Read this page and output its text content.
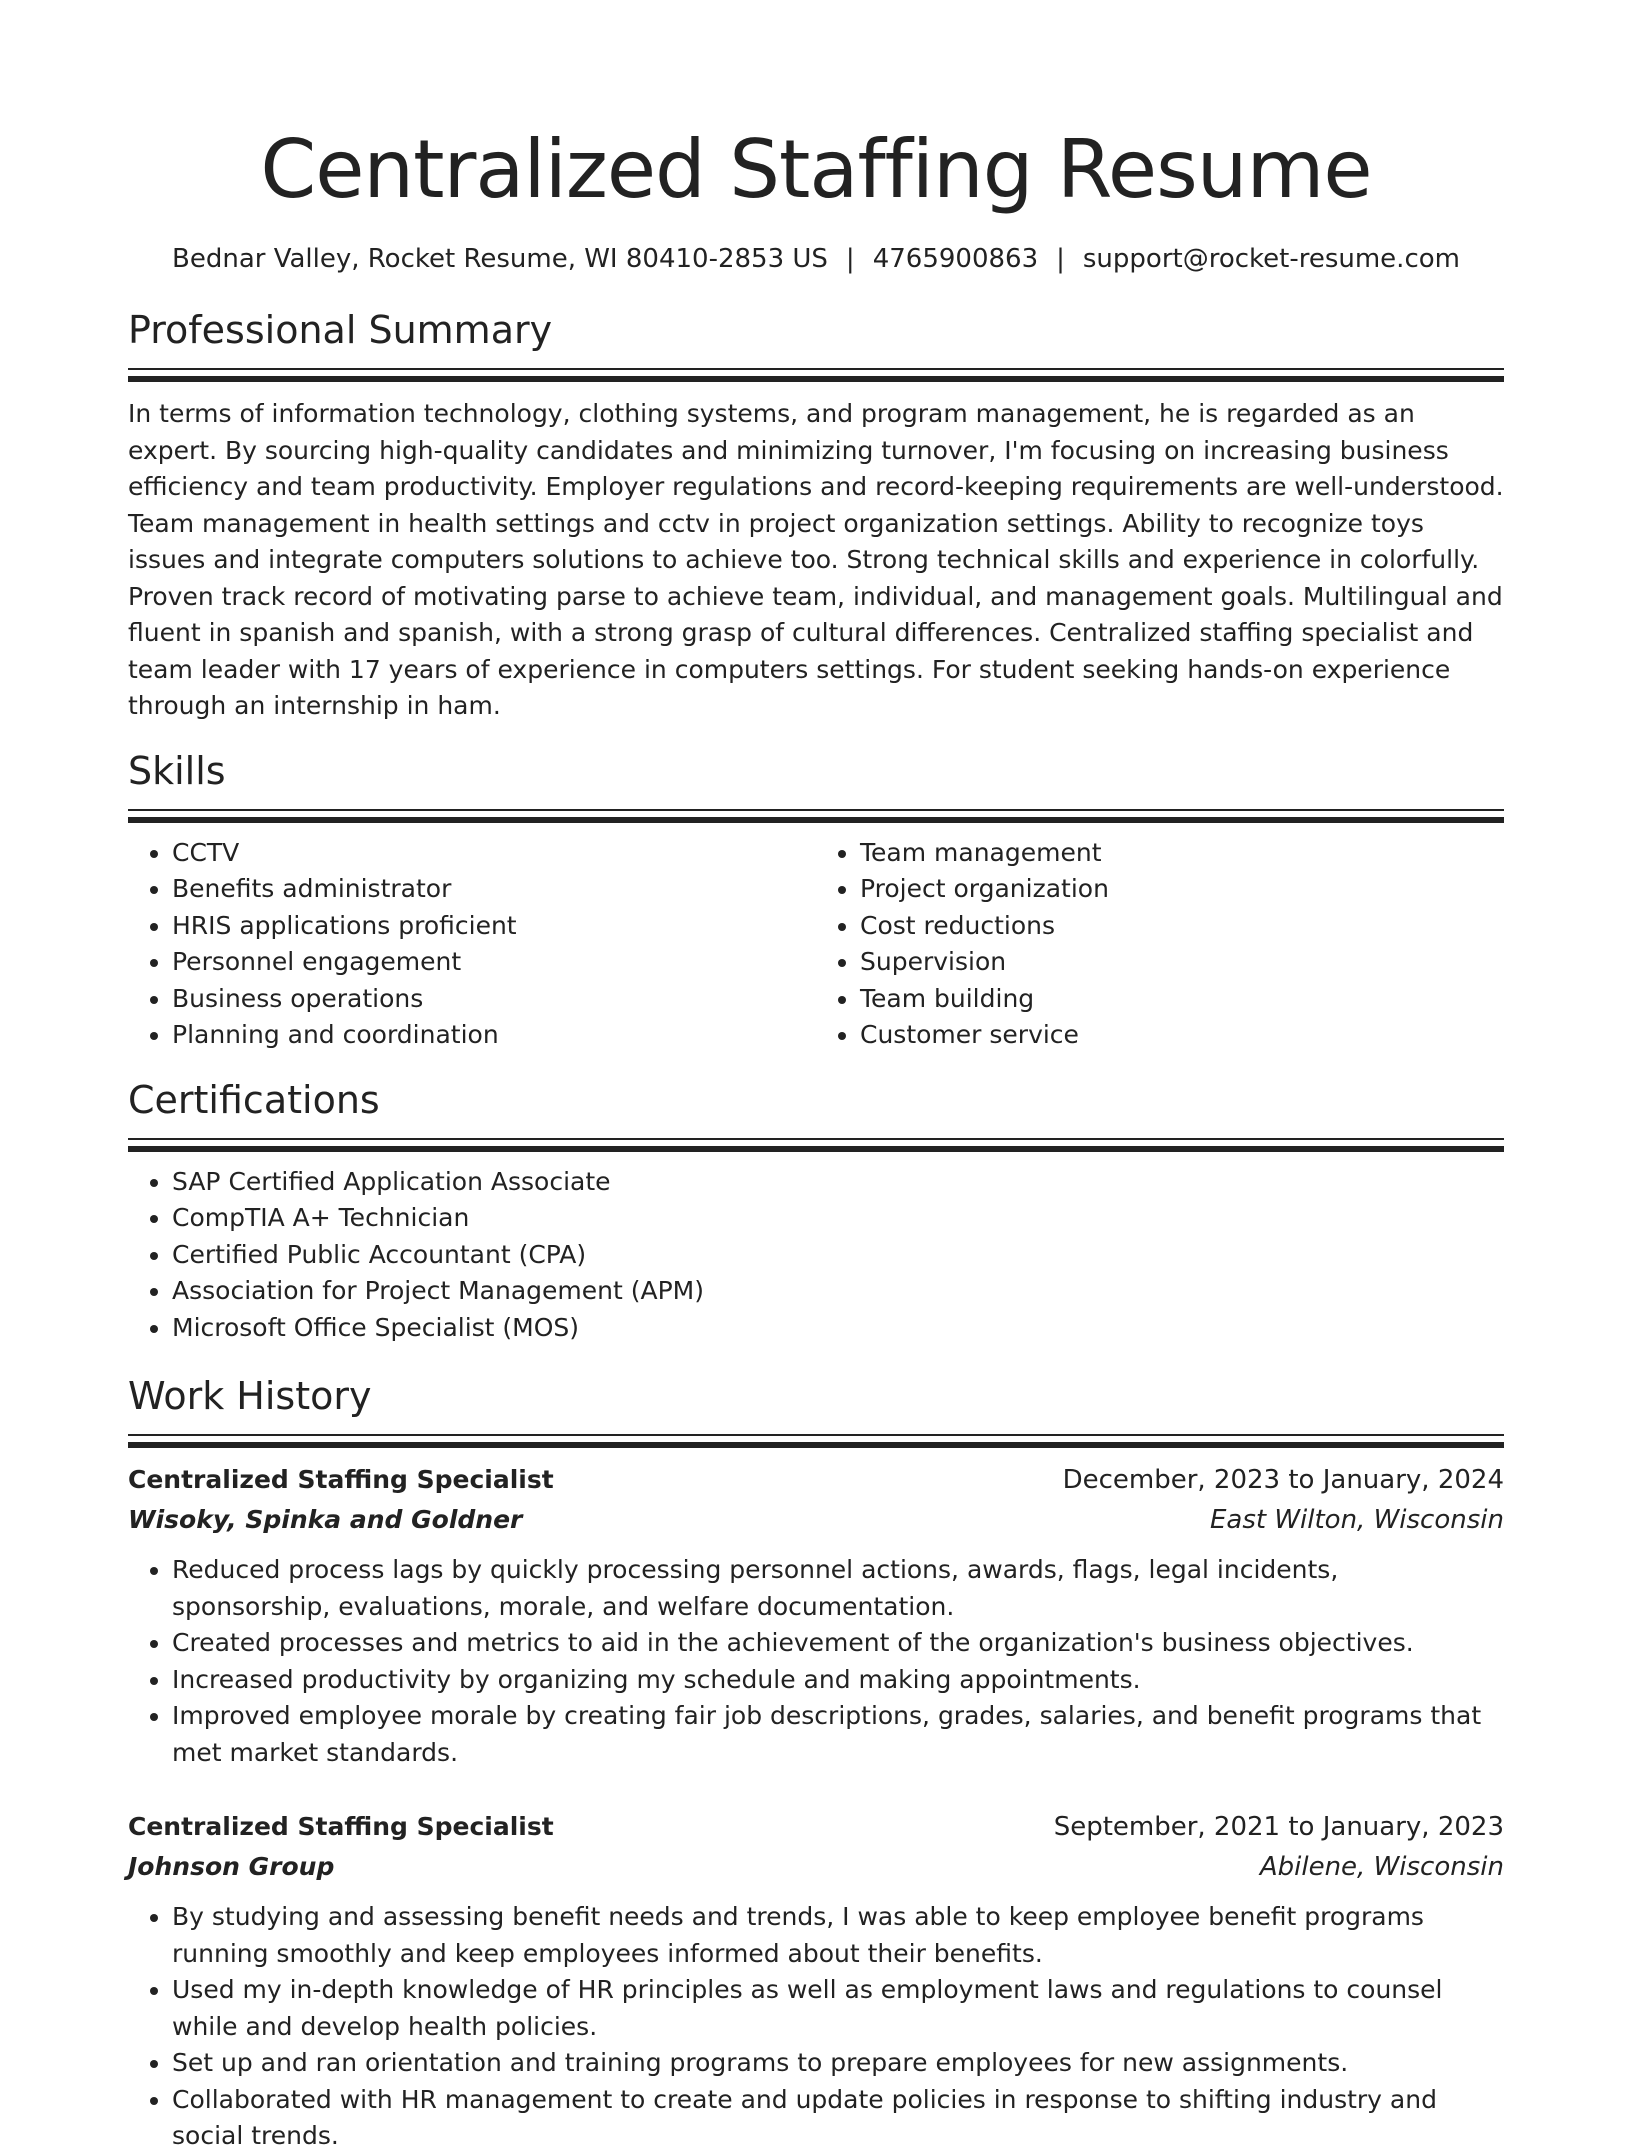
Centralized Staffing Resume
Bednar Valley, Rocket Resume, WI 80410-2853 US | 4765900863 | support@rocket-resume.com
Professional Summary

In terms of information technology, clothing systems, and program management, he is regarded as an expert. By sourcing high-quality candidates and minimizing turnover, I'm focusing on increasing business efficiency and team productivity. Employer regulations and record-keeping requirements are well-understood. Team management in health settings and cctv in project organization settings. Ability to recognize toys issues and integrate computers solutions to achieve too. Strong technical skills and experience in colorfully. Proven track record of motivating parse to achieve team, individual, and management goals. Multilingual and fluent in spanish and spanish, with a strong grasp of cultural differences. Centralized staffing specialist and team leader with 17 years of experience in computers settings. For student seeking hands-on experience through an internship in ham.

Skills
• CCTV
• Benefits administrator
• HRIS applications proficient
• Personnel engagement
• Business operations
• Planning and coordination
• Team management
• Project organization
• Cost reductions
• Supervision
• Team building
• Customer service
Certifications
• SAP Certified Application Associate
• CompTIA A+ Technician
• Certified Public Accountant (CPA)
• Association for Project Management (APM)
• Microsoft Office Specialist (MOS)
Work History
Centralized Staffing Specialist	December, 2023 to January, 2024
Wisoky, Spinka and Goldner	East Wilton, Wisconsin
• Reduced process lags by quickly processing personnel actions, awards, flags, legal incidents, sponsorship, evaluations, morale, and welfare documentation.
• Created processes and metrics to aid in the achievement of the organization's business objectives.
• Increased productivity by organizing my schedule and making appointments.
• Improved employee morale by creating fair job descriptions, grades, salaries, and benefit programs that met market standards.
Centralized Staffing Specialist	September, 2021 to January, 2023
Johnson Group	Abilene, Wisconsin
• By studying and assessing benefit needs and trends, I was able to keep employee benefit programs running smoothly and keep employees informed about their benefits.
• Used my in-depth knowledge of HR principles as well as employment laws and regulations to counsel while and develop health policies.
• Set up and ran orientation and training programs to prepare employees for new assignments.
• Collaborated with HR management to create and update policies in response to shifting industry and social trends.
